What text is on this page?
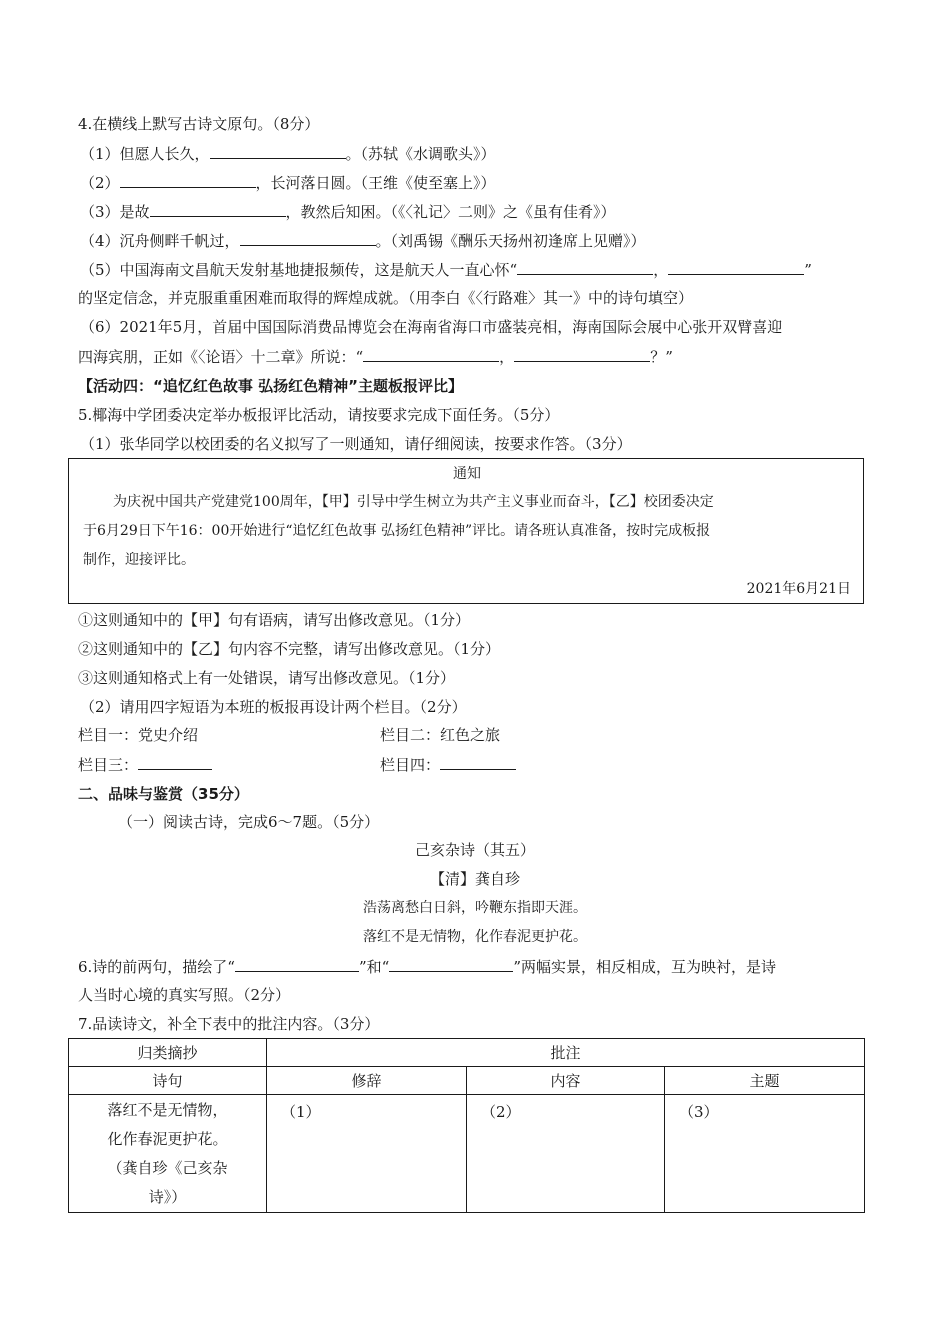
4.在横线上默写古诗文原句。（8分）
（1）但愿人长久，	。（苏轼《水调歌头》）
（2）	，长河落日圆。（王维《使至塞上》）
（3）是故	，教然后知困。（《〈礼记〉二则》之《虽有佳肴》）
（4）沉舟侧畔千帆过，	。（刘禹锡《酬乐天扬州初逢席上见赠》）
（5）中国海南文昌航天发射基地捷报频传，这是航天人一直心怀“	，	”
的坚定信念，并克服重重困难而取得的辉煌成就。（用李白《〈行路难〉其一》中的诗句填空）
（6）2021年5月，首届中国国际消费品博览会在海南省海口市盛装亮相，海南国际会展中心张开双臂喜迎
四海宾朋，正如《〈论语〉十二章》所说：“	，	？”
【活动四：“追忆红色故事 弘扬红色精神”主题板报评比】
5.椰海中学团委决定举办板报评比活动，请按要求完成下面任务。（5分）
（1）张华同学以校团委的名义拟写了一则通知，请仔细阅读，按要求作答。（3分）
通知
为庆祝中国共产党建党100周年，【甲】引导中学生树立为共产主义事业而奋斗，【乙】校团委决定
于6月29日下午16：00开始进行“追忆红色故事 弘扬红色精神”评比。请各班认真准备，按时完成板报
制作，迎接评比。
2021年6月21日
①这则通知中的【甲】句有语病，请写出修改意见。（1分）
②这则通知中的【乙】句内容不完整，请写出修改意见。（1分）
③这则通知格式上有一处错误，请写出修改意见。（1分）
（2）请用四字短语为本班的板报再设计两个栏目。（2分）
栏目一：党史介绍	栏目二：红色之旅
栏目三：	栏目四：
二、品味与鉴赏（35分）
（一）阅读古诗，完成6～7题。（5分）
己亥杂诗（其五）
【清】龚自珍
浩荡离愁白日斜，吟鞭东指即天涯。
落红不是无情物，化作春泥更护花。
6.诗的前两句，描绘了“	”和“	”两幅实景，相反相成，互为映衬，是诗
人当时心境的真实写照。（2分）
7.品读诗文，补全下表中的批注内容。（3分）
归类摘抄	批注		
诗句	修辞	内容	主题

落红不是无情物，
化作春泥更护花。
（龚自珍《己亥杂
诗》）	（1）	（2）	（3）
